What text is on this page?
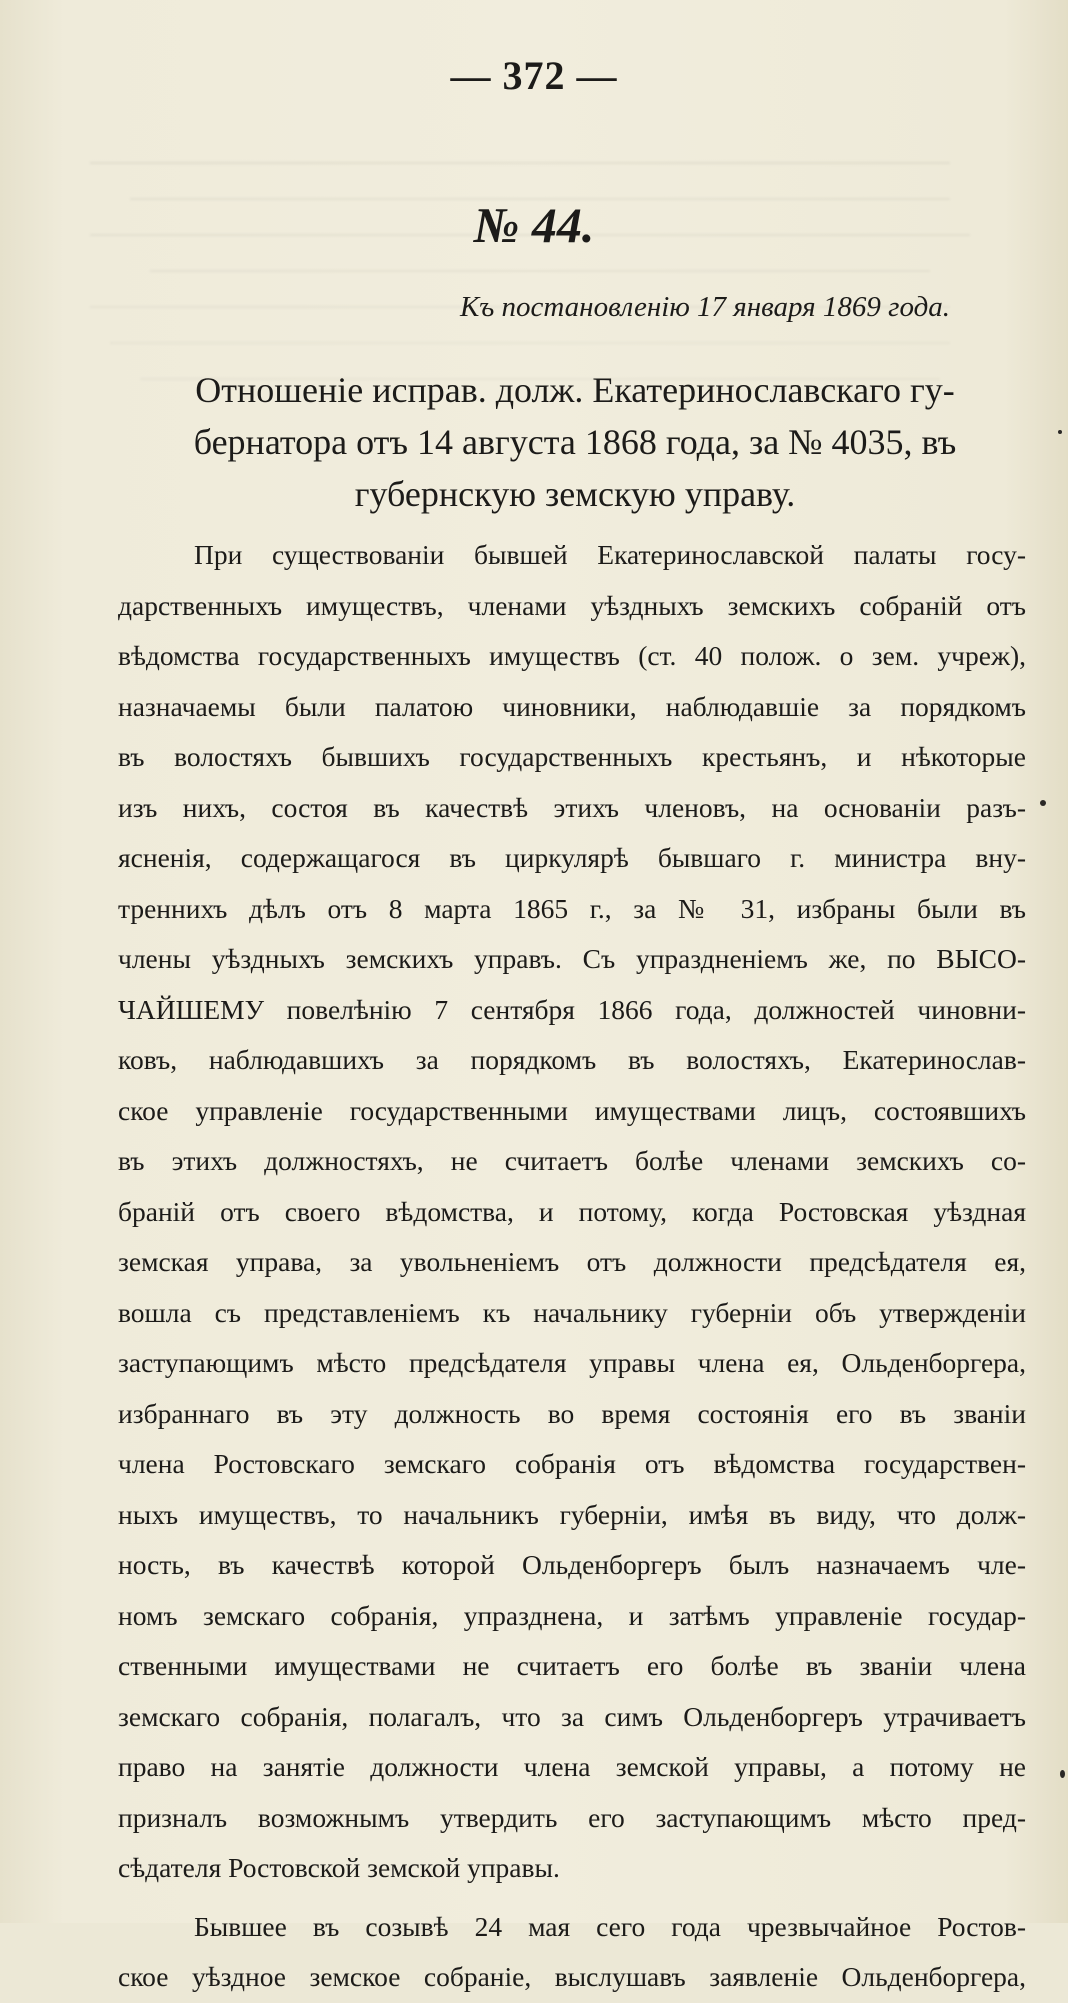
— 372 —
№ 44.
Къ постановленію 17 января 1869 года.
Отношеніе исправ. долж. Екатеринославскаго гу-
бернатора отъ 14 августа 1868 года, за № 4035, въ
губернскую земскую управу.
При существованіи бывшей Екатеринославской палаты госу-
дарственныхъ имуществъ, членами уѣздныхъ земскихъ собраній отъ
вѣдомства государственныхъ имуществъ (ст. 40 полож. о зем. учреж),
назначаемы были палатою чиновники, наблюдавшіе за порядкомъ
въ волостяхъ бывшихъ государственныхъ крестьянъ, и нѣкоторые
изъ нихъ, состоя въ качествѣ этихъ членовъ, на основаніи разъ-
ясненія, содержащагося въ циркулярѣ бывшаго г. министра вну-
треннихъ дѣлъ отъ 8 марта 1865 г., за № 31, избраны были въ
члены уѣздныхъ земскихъ управъ. Съ упраздненіемъ же, по ВЫСО-
ЧАЙШЕМУ повелѣнію 7 сентября 1866 года, должностей чиновни-
ковъ, наблюдавшихъ за порядкомъ въ волостяхъ, Екатеринослав-
ское управленіе государственными имуществами лицъ, состоявшихъ
въ этихъ должностяхъ, не считаетъ болѣе членами земскихъ со-
браній отъ своего вѣдомства, и потому, когда Ростовская уѣздная
земская управа, за увольненіемъ отъ должности предсѣдателя ея,
вошла съ представленіемъ къ начальнику губерніи объ утвержденіи
заступающимъ мѣсто предсѣдателя управы члена ея, Ольденборгера,
избраннаго въ эту должность во время состоянія его въ званіи
члена Ростовскаго земскаго собранія отъ вѣдомства государствен-
ныхъ имуществъ, то начальникъ губерніи, имѣя въ виду, что долж-
ность, въ качествѣ которой Ольденборгеръ былъ назначаемъ чле-
номъ земскаго собранія, упразднена, и затѣмъ управленіе государ-
ственными имуществами не считаетъ его болѣе въ званіи члена
земскаго собранія, полагалъ, что за симъ Ольденборгеръ утрачиваетъ
право на занятіе должности члена земской управы, а потому не
призналъ возможнымъ утвердить его заступающимъ мѣсто пред-
сѣдателя Ростовской земской управы.
Бывшее въ созывѣ 24 мая сего года чрезвычайное Ростов-
ское уѣздное земское собраніе, выслушавъ заявленіе Ольденборгера,
